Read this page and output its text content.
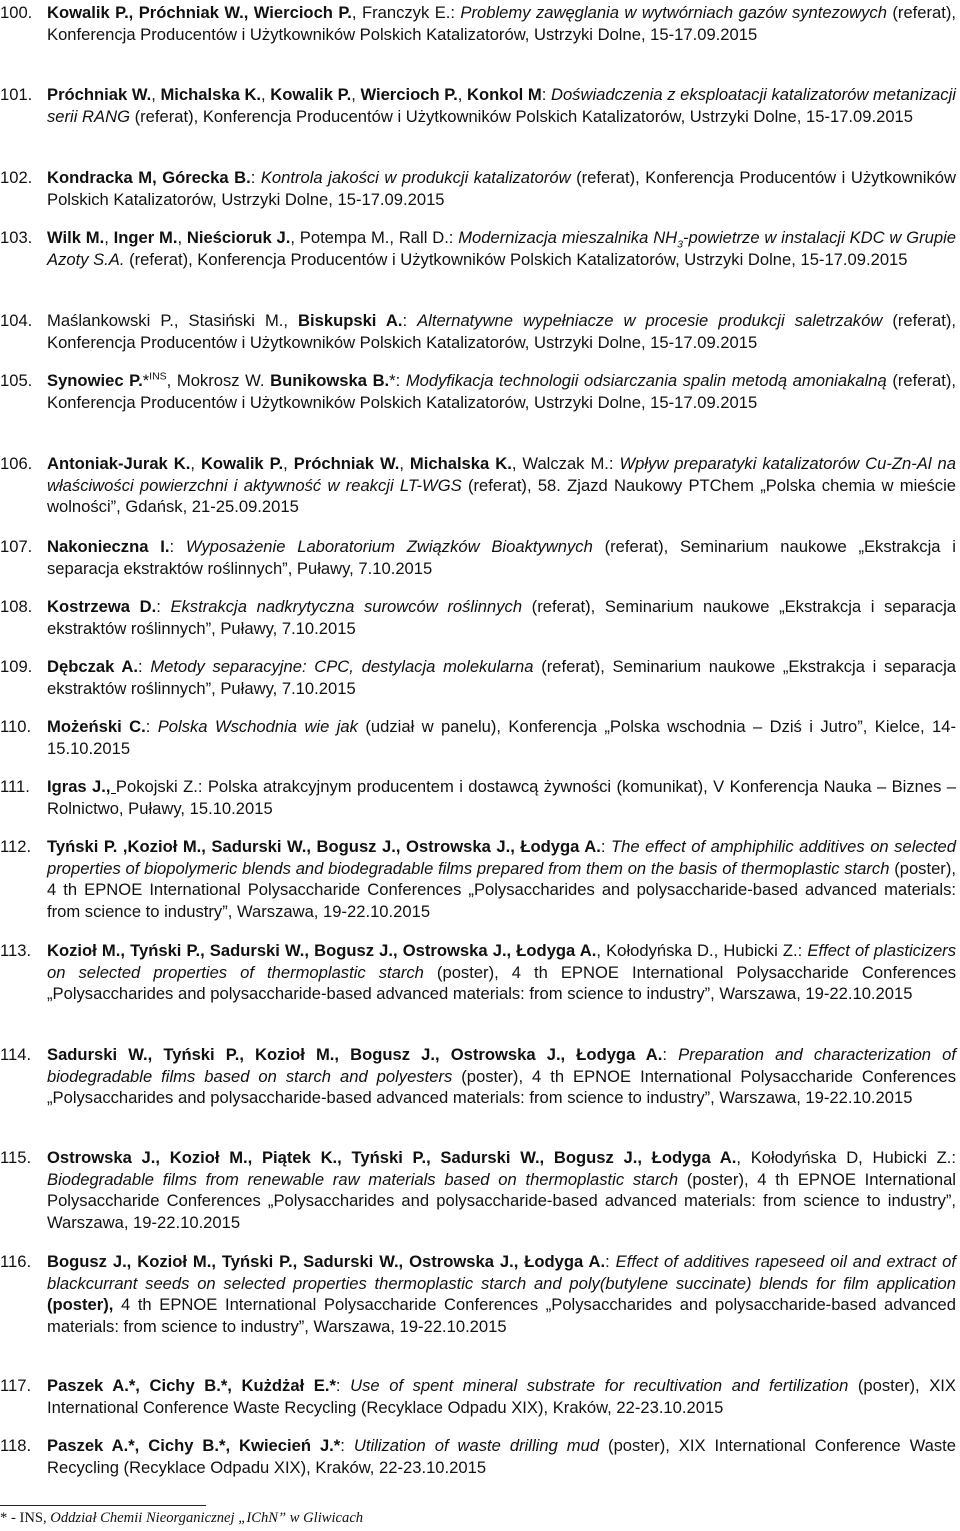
100. Kowalik P., Próchniak W., Wiercioch P., Franczyk E.: Problemy zawęglania w wytwórniach gazów syntezowych (referat), Konferencja Producentów i Użytkowników Polskich Katalizatorów, Ustrzyki Dolne, 15-17.09.2015
101. Próchniak W., Michalska K., Kowalik P., Wiercioch P., Konkol M: Doświadczenia z eksploatacji katalizatorów metanizacji serii RANG (referat), Konferencja Producentów i Użytkowników Polskich Katalizatorów, Ustrzyki Dolne, 15-17.09.2015
102. Kondracka M, Górecka B.: Kontrola jakości w produkcji katalizatorów (referat), Konferencja Producentów i Użytkowników Polskich Katalizatorów, Ustrzyki Dolne, 15-17.09.2015
103. Wilk M., Inger M., Nieścioruk J., Potempa M., Rall D.: Modernizacja mieszalnika $NH_3$-powietrze w instalacji KDC w Grupie Azoty S.A. (referat), Konferencja Producentów i Użytkowników Polskich Katalizatorów, Ustrzyki Dolne, 15-17.09.2015
104. Maślankowski P., Stasiński M., Biskupski A.: Alternatywne wypełniacze w procesie produkcji saletrzaków (referat), Konferencja Producentów i Użytkowników Polskich Katalizatorów, Ustrzyki Dolne, 15-17.09.2015
105. Synowiec P.*$^{INS}$, Mokrosz W. Bunikowska B.*: Modyfikacja technologii odsiarczania spalin metodą amoniakalną (referat), Konferencja Producentów i Użytkowników Polskich Katalizatorów, Ustrzyki Dolne, 15-17.09.2015
106. Antoniak-Jurak K., Kowalik P., Próchniak W., Michalska K., Walczak M.: Wpływ preparatyki katalizatorów Cu-Zn-Al na właściwości powierzchni i aktywność w reakcji LT-WGS (referat), 58. Zjazd Naukowy PTChem „Polska chemia w mieście wolności”, Gdańsk, 21-25.09.2015
107. Nakonieczna I.: Wyposażenie Laboratorium Związków Bioaktywnych (referat), Seminarium naukowe „Ekstrakcja i separacja ekstraktów roślinnych”, Puławy, 7.10.2015
108. Kostrzewa D.: Ekstrakcja nadkrytyczna surowców roślinnych (referat), Seminarium naukowe „Ekstrakcja i separacja ekstraktów roślinnych”, Puławy, 7.10.2015
109. Dębczak A.: Metody separacyjne: CPC, destylacja molekularna (referat), Seminarium naukowe „Ekstrakcja i separacja ekstraktów roślinnych”, Puławy, 7.10.2015
110. Możeński C.: Polska Wschodnia wie jak (udział w panelu), Konferencja „Polska wschodnia – Dziś i Jutro”, Kielce, 14-15.10.2015
111. Igras J., Pokojski Z.: Polska atrakcyjnym producentem i dostawcą żywności (komunikat), V Konferencja Nauka – Biznes – Rolnictwo, Puławy, 15.10.2015
112. Tyński P. ,Kozioł M., Sadurski W., Bogusz J., Ostrowska J., Łodyga A.: The effect of amphiphilic additives on selected properties of biopolymeric blends and biodegradable films prepared from them on the basis of thermoplastic starch (poster), 4 th EPNOE International Polysaccharide Conferences „Polysaccharides and polysaccharide-based advanced materials: from science to industry”, Warszawa, 19-22.10.2015
113. Kozioł M., Tyński P., Sadurski W., Bogusz J., Ostrowska J., Łodyga A., Kołodyńska D., Hubicki Z.: Effect of plasticizers on selected properties of thermoplastic starch (poster), 4 th EPNOE International Polysaccharide Conferences „Polysaccharides and polysaccharide-based advanced materials: from science to industry”, Warszawa, 19-22.10.2015
114. Sadurski W., Tyński P., Kozioł M., Bogusz J., Ostrowska J., Łodyga A.: Preparation and characterization of biodegradable films based on starch and polyesters (poster), 4 th EPNOE International Polysaccharide Conferences „Polysaccharides and polysaccharide-based advanced materials: from science to industry”, Warszawa, 19-22.10.2015
115. Ostrowska J., Kozioł M., Piątek K., Tyński P., Sadurski W., Bogusz J., Łodyga A., Kołodyńska D, Hubicki Z.: Biodegradable films from renewable raw materials based on thermoplastic starch (poster), 4 th EPNOE International Polysaccharide Conferences „Polysaccharides and polysaccharide-based advanced materials: from science to industry”, Warszawa, 19-22.10.2015
116. Bogusz J., Kozioł M., Tyński P., Sadurski W., Ostrowska J., Łodyga A.: Effect of additives rapeseed oil and extract of blackcurrant seeds on selected properties thermoplastic starch and poly(butylene succinate) blends for film application (poster), 4 th EPNOE International Polysaccharide Conferences „Polysaccharides and polysaccharide-based advanced materials: from science to industry”, Warszawa, 19-22.10.2015
117. Paszek A.*, Cichy B.*, Kużdżał E.*: Use of spent mineral substrate for recultivation and fertilization (poster), XIX International Conference Waste Recycling (Recyklace Odpadu XIX), Kraków, 22-23.10.2015
118. Paszek A.*, Cichy B.*, Kwiecień J.*: Utilization of waste drilling mud (poster), XIX International Conference Waste Recycling (Recyklace Odpadu XIX), Kraków, 22-23.10.2015
* - INS, Oddział Chemii Nieorganicznej „IChN” w Gliwicach
